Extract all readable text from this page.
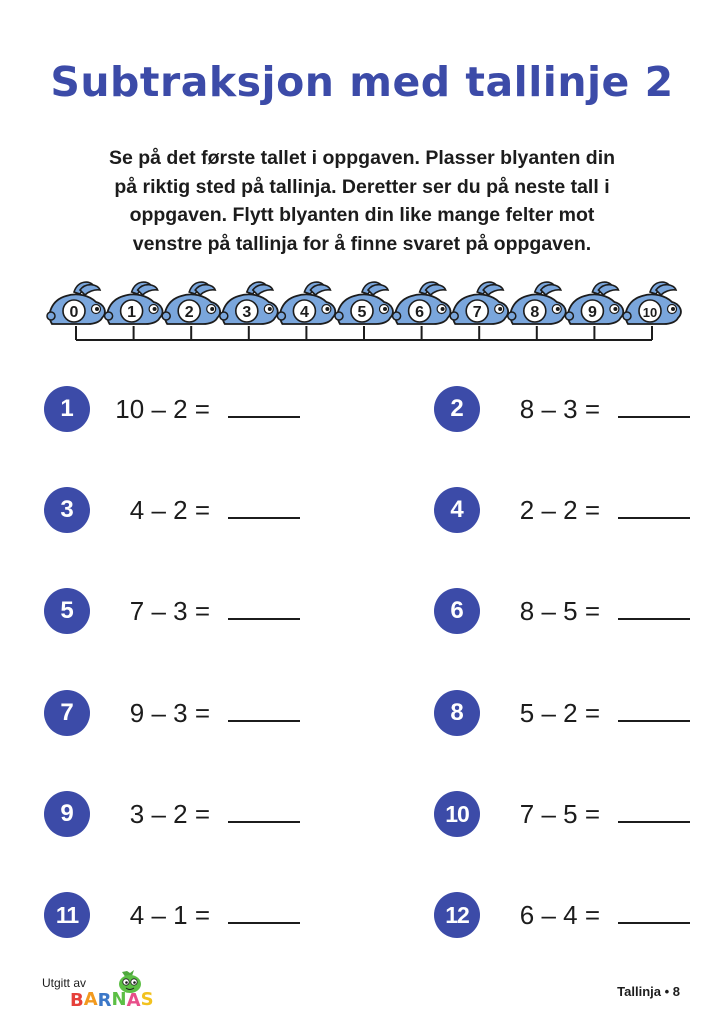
Subtraksjon med tallinje 2
Se på det første tallet i oppgaven. Plasser blyanten din
på riktig sted på tallinja. Deretter ser du på neste tall i
oppgaven. Flytt blyanten din like mange felter mot
venstre på tallinja for å finne svaret på oppgaven.
0	1	2	3	4	5	6	7	8	9	10
1	10 – 2 =	2	8 – 3 =
3	4 – 2 =	4	2 – 2 =
5	7 – 3 =	6	8 – 5 =
7	9 – 3 =	8	5 – 2 =
9	3 – 2 =	10	7 – 5 =
11	4 – 1 =	12	6 – 4 =
Utgitt av
BARNAS	Tallinja • 8
